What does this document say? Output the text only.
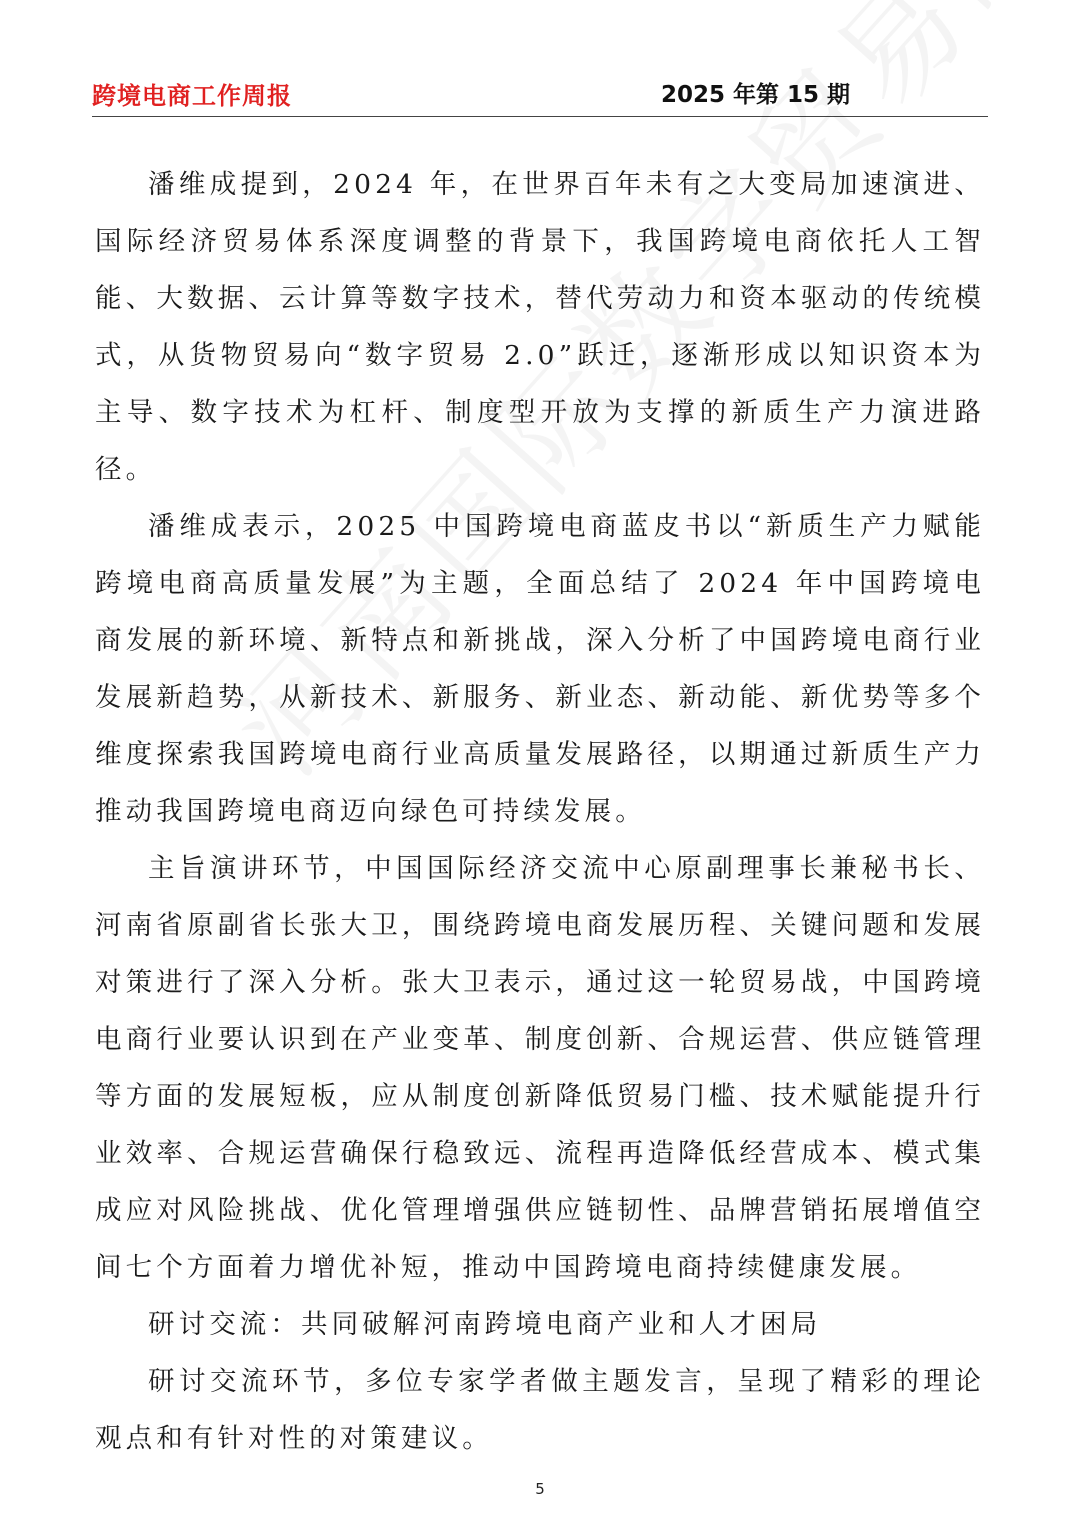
跨境电商工作周报	2025 年第 15 期

潘维成提到，2024 年，在世界百年未有之大变局加速演进、国际经济贸易体系深度调整的背景下，我国跨境电商依托人工智能、大数据、云计算等数字技术，替代劳动力和资本驱动的传统模式，从货物贸易向“数字贸易 2.0”跃迁，逐渐形成以知识资本为主导、数字技术为杠杆、制度型开放为支撑的新质生产力演进路径。

潘维成表示，2025 中国跨境电商蓝皮书以“新质生产力赋能跨境电商高质量发展”为主题，全面总结了 2024 年中国跨境电商发展的新环境、新特点和新挑战，深入分析了中国跨境电商行业发展新趋势，从新技术、新服务、新业态、新动能、新优势等多个维度探索我国跨境电商行业高质量发展路径，以期通过新质生产力推动我国跨境电商迈向绿色可持续发展。

主旨演讲环节，中国国际经济交流中心原副理事长兼秘书长、河南省原副省长张大卫，围绕跨境电商发展历程、关键问题和发展对策进行了深入分析。张大卫表示，通过这一轮贸易战，中国跨境电商行业要认识到在产业变革、制度创新、合规运营、供应链管理等方面的发展短板，应从制度创新降低贸易门槛、技术赋能提升行业效率、合规运营确保行稳致远、流程再造降低经营成本、模式集成应对风险挑战、优化管理增强供应链韧性、品牌营销拓展增值空间七个方面着力增优补短，推动中国跨境电商持续健康发展。

研讨交流：共同破解河南跨境电商产业和人才困局

研讨交流环节，多位专家学者做主题发言，呈现了精彩的理论观点和有针对性的对策建议。

5
